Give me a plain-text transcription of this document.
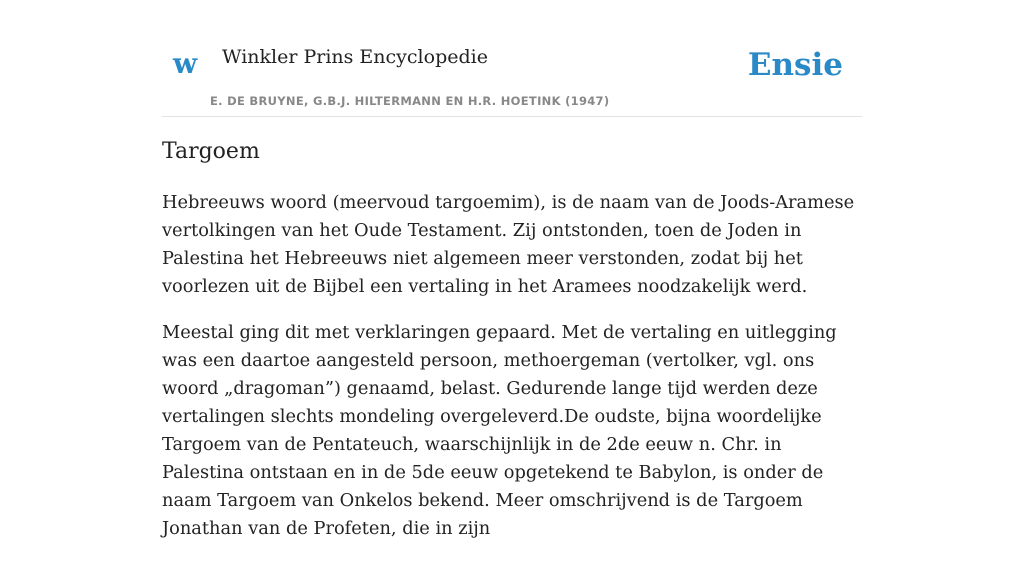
w Winkler Prins Encyclopedie
E. DE BRUYNE, G.B.J. HILTERMANN EN H.R. HOETINK (1947)
Ensie
Targoem

Hebreeuws woord (meervoud targoemim), is de naam van de Joods-Aramese vertolkingen van het Oude Testament. Zij ontstonden, toen de Joden in Palestina het Hebreeuws niet algemeen meer verstonden, zodat bij het voorlezen uit de Bijbel een vertaling in het Aramees noodzakelijk werd.

Meestal ging dit met verklaringen gepaard. Met de vertaling en uitlegging was een daartoe aangesteld persoon, methoergeman (vertolker, vgl. ons woord „dragoman”) genaamd, belast. Gedurende lange tijd werden deze vertalingen slechts mondeling overgeleverd.De oudste, bijna woordelijke Targoem van de Pentateuch, waarschijnlijk in de 2de eeuw n. Chr. in Palestina ontstaan en in de 5de eeuw opgetekend te Babylon, is onder de naam Targoem van Onkelos bekend. Meer omschrijvend is de Targoem Jonathan van de Profeten, die in zijn
